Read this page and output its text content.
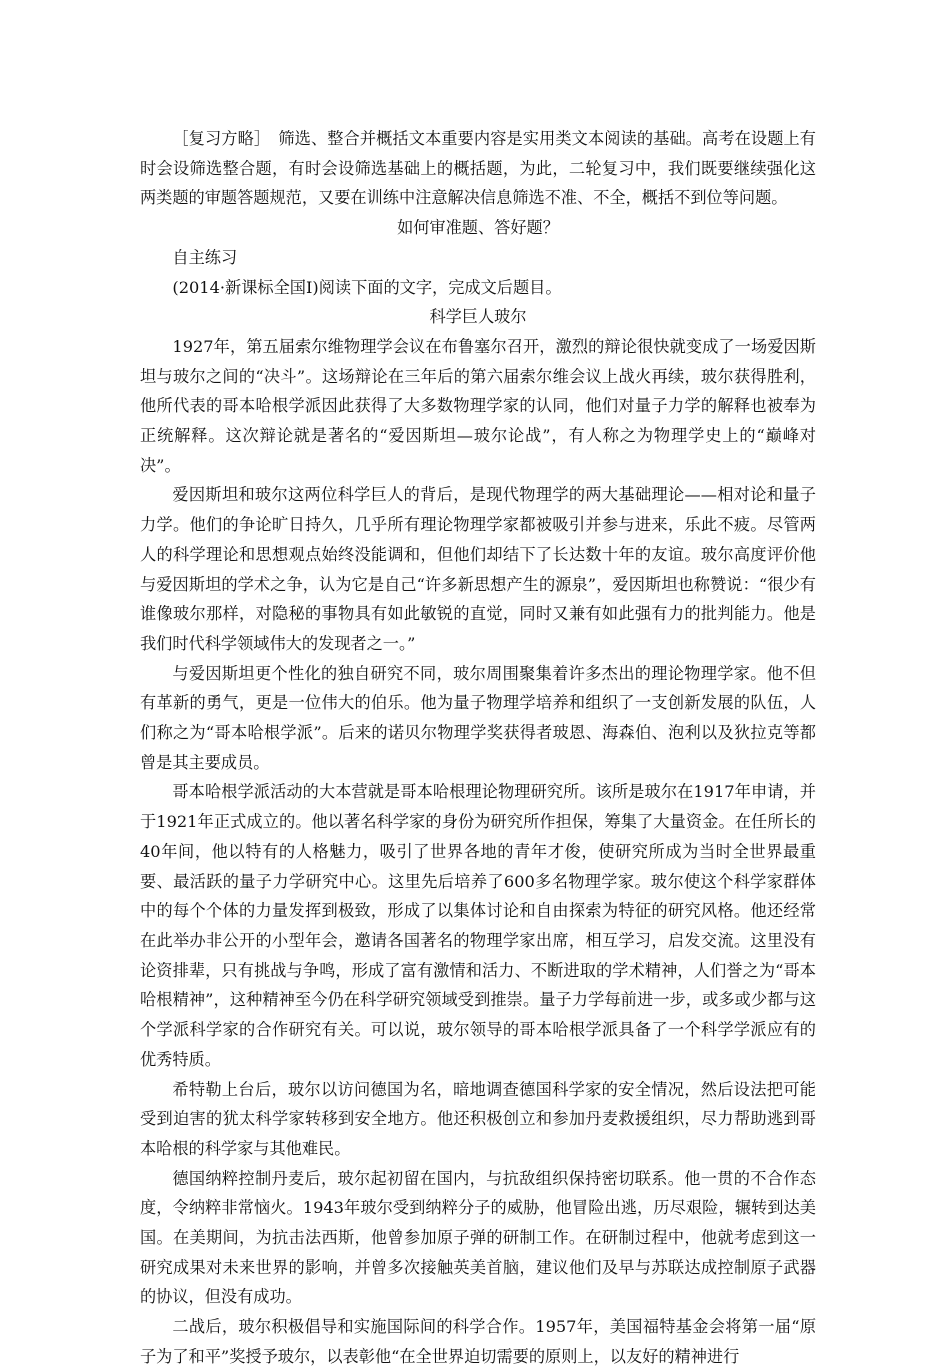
［复习方略］　筛选、整合并概括文本重要内容是实用类文本阅读的基础。高考在设题上有时会设筛选整合题，有时会设筛选基础上的概括题，为此，二轮复习中，我们既要继续强化这两类题的审题答题规范，又要在训练中注意解决信息筛选不准、不全，概括不到位等问题。

如何审准题、答好题？

自主练习

(2014·新课标全国Ⅰ)阅读下面的文字，完成文后题目。

科学巨人玻尔

1927年，第五届索尔维物理学会议在布鲁塞尔召开，激烈的辩论很快就变成了一场爱因斯坦与玻尔之间的“决斗”。这场辩论在三年后的第六届索尔维会议上战火再续，玻尔获得胜利，他所代表的哥本哈根学派因此获得了大多数物理学家的认同，他们对量子力学的解释也被奉为正统解释。这次辩论就是著名的“爱因斯坦—玻尔论战”，有人称之为物理学史上的“巅峰对决”。

爱因斯坦和玻尔这两位科学巨人的背后，是现代物理学的两大基础理论——相对论和量子力学。他们的争论旷日持久，几乎所有理论物理学家都被吸引并参与进来，乐此不疲。尽管两人的科学理论和思想观点始终没能调和，但他们却结下了长达数十年的友谊。玻尔高度评价他与爱因斯坦的学术之争，认为它是自己“许多新思想产生的源泉”，爱因斯坦也称赞说：“很少有谁像玻尔那样，对隐秘的事物具有如此敏锐的直觉，同时又兼有如此强有力的批判能力。他是我们时代科学领域伟大的发现者之一。”

与爱因斯坦更个性化的独自研究不同，玻尔周围聚集着许多杰出的理论物理学家。他不但有革新的勇气，更是一位伟大的伯乐。他为量子物理学培养和组织了一支创新发展的队伍，人们称之为“哥本哈根学派”。后来的诺贝尔物理学奖获得者玻恩、海森伯、泡利以及狄拉克等都曾是其主要成员。

哥本哈根学派活动的大本营就是哥本哈根理论物理研究所。该所是玻尔在1917年申请，并于1921年正式成立的。他以著名科学家的身份为研究所作担保，筹集了大量资金。在任所长的40年间，他以特有的人格魅力，吸引了世界各地的青年才俊，使研究所成为当时全世界最重要、最活跃的量子力学研究中心。这里先后培养了600多名物理学家。玻尔使这个科学家群体中的每个个体的力量发挥到极致，形成了以集体讨论和自由探索为特征的研究风格。他还经常在此举办非公开的小型年会，邀请各国著名的物理学家出席，相互学习，启发交流。这里没有论资排辈，只有挑战与争鸣，形成了富有激情和活力、不断进取的学术精神，人们誉之为“哥本哈根精神”，这种精神至今仍在科学研究领域受到推崇。量子力学每前进一步，或多或少都与这个学派科学家的合作研究有关。可以说，玻尔领导的哥本哈根学派具备了一个科学学派应有的优秀特质。

希特勒上台后，玻尔以访问德国为名，暗地调查德国科学家的安全情况，然后设法把可能受到迫害的犹太科学家转移到安全地方。他还积极创立和参加丹麦救援组织，尽力帮助逃到哥本哈根的科学家与其他难民。

德国纳粹控制丹麦后，玻尔起初留在国内，与抗敌组织保持密切联系。他一贯的不合作态度，令纳粹非常恼火。1943年玻尔受到纳粹分子的威胁，他冒险出逃，历尽艰险，辗转到达美国。在美期间，为抗击法西斯，他曾参加原子弹的研制工作。在研制过程中，他就考虑到这一研究成果对未来世界的影响，并曾多次接触英美首脑，建议他们及早与苏联达成控制原子武器的协议，但没有成功。

二战后，玻尔积极倡导和实施国际间的科学合作。1957年，美国福特基金会将第一届“原子为了和平”奖授予玻尔，以表彰他“在全世界迫切需要的原则上，以友好的精神进行
